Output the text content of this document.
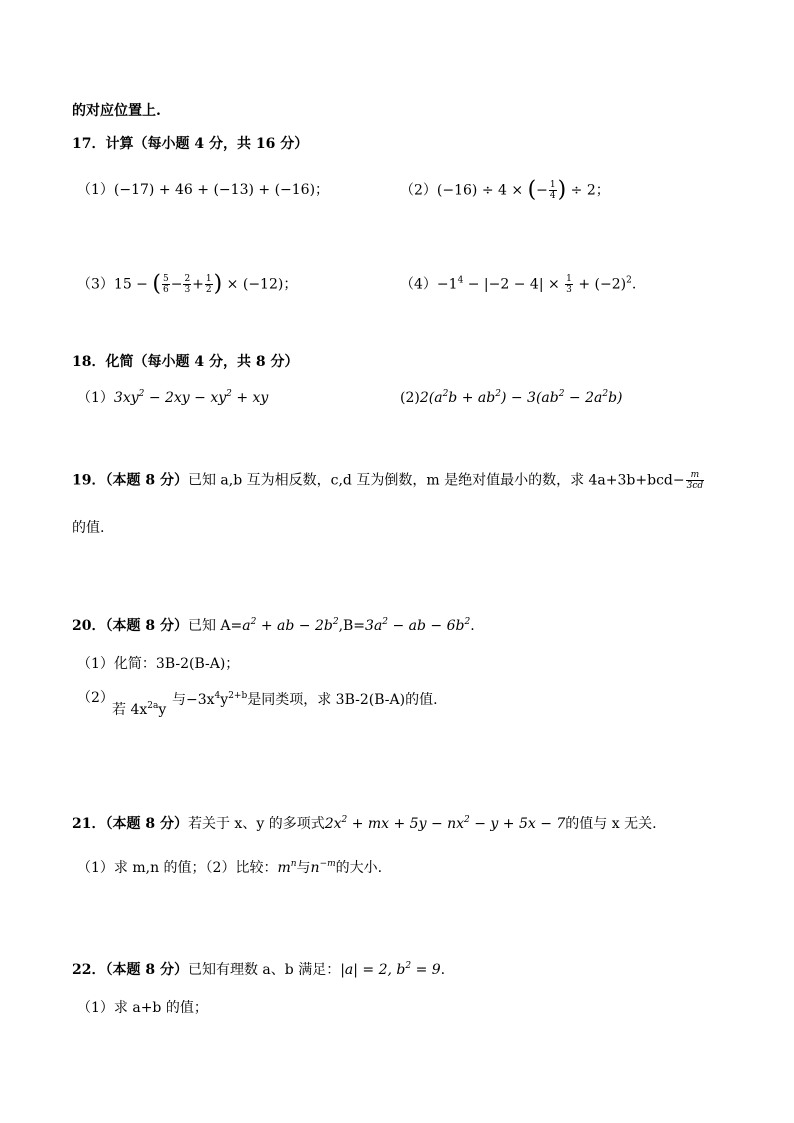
的对应位置上.
17．计算（每小题 4 分，共 16 分）
（1）(−17) + 46 + (−13) + (−16)；	（2）(−16) ÷ 4 × (− $\frac{1}{4}$ ) ÷ 2；
（3）15 − ( $\frac{5}{6} - \frac{2}{3} + \frac{1}{2}$ ) × (−12)；	$(4)-1^4 - |-2 - 4| \times \frac{1}{3} + (-2)^2$.
18．化简（每小题 4 分，共 8 分）
$(1)3xy^2 - 2xy - xy^2$ + xy	$(2)2(a^2b + ab^2) - 3(ab^2 - 2a^2b)$
19．（本题 8 分）已知 a,b 互为相反数，c,d 互为倒数，m 是绝对值最小的数，求 $4a+3b+bcd- \frac{m}{3cd}$
的值.
20．（本题 8 分）已知 $A=a^2$ + ab − $2b^2,B=3a^2$ − ab − $6b^2$.
（1）化简：3B-2(B-A)；
（2）
若 $4x^{2a}y$
与$-3x^4y^{2+b}$是同类项，求 3B-2(B-A)的值.
21．（本题 8 分）若关于 x、y 的多项式$2x^2$ + mx + $5y - nx^2 - y + 5x - 7$的值与 x 无关.
（1）求 m,n 的值；（2）比较：$m^n$与$n^{-m}$的大小.
22．（本题 8 分）已知有理数 a、b 满足：|a| = 2, $b^2 = 9$.
（1）求 a+b 的值；
